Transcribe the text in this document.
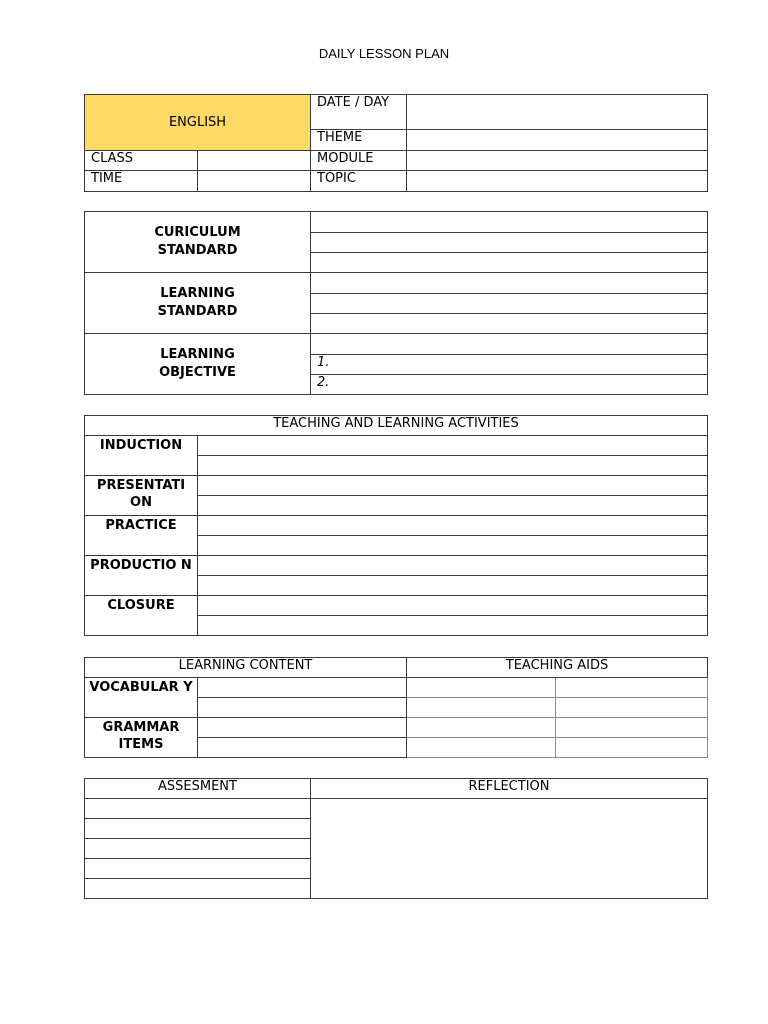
DAILY LESSON PLAN
ENGLISH		DATE / DAY	
		THEME	
CLASS		MODULE	
TIME		TOPIC	
CURICULUM STANDARD	

LEARNING STANDARD	

LEARNING OBJECTIVE	
	1.
	2.
TEACHING AND LEARNING ACTIVITIES	
INDUCTION	

PRESENTATI ON	

PRACTICE	

PRODUCTIO N	

CLOSURE	

LEARNING CONTENT		TEACHING AIDS	
VOCABULAR Y			

GRAMMAR ITEMS			

ASSESMENT	REFLECTION
